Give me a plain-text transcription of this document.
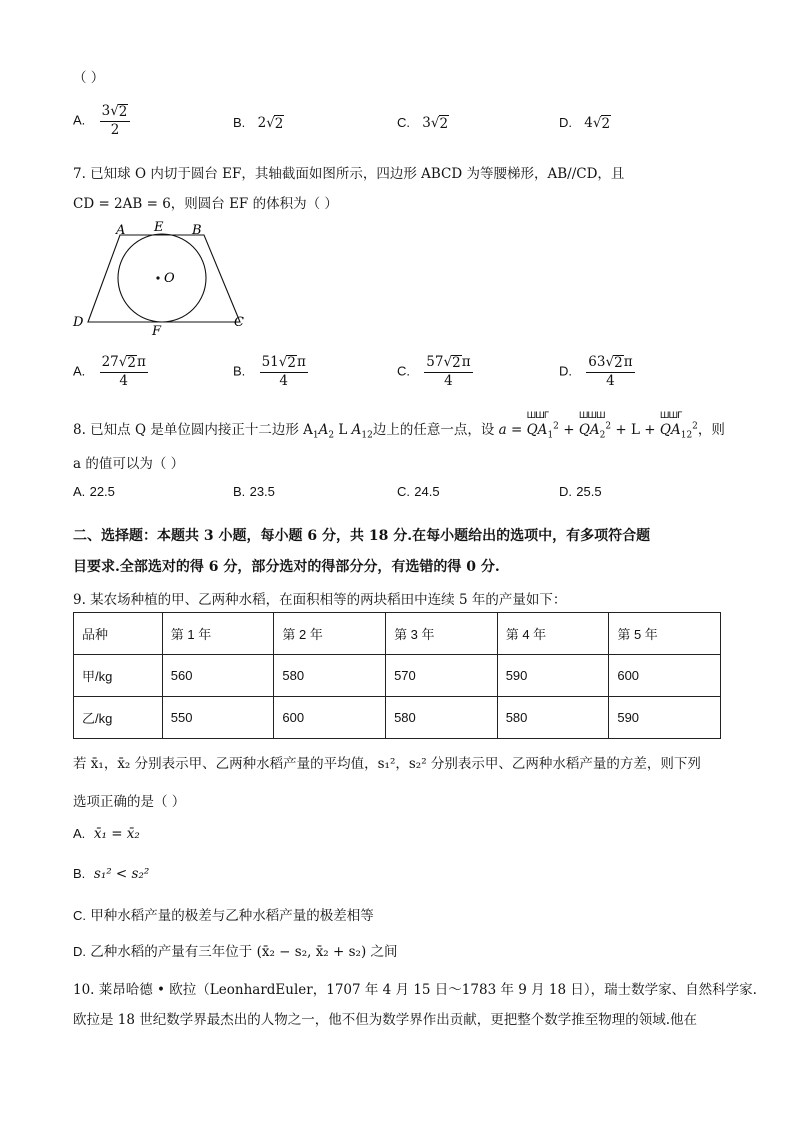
（ ）
A. $\frac{3√ 2}{2}$	B. 2√ 2	C. 3√ 2	D. 4√ 2
7. 已知球 O 内切于圆台 EF，其轴截面如图所示，四边形 ABCD 为等腰梯形，AB//CD，且
CD = 2AB = 6，则圆台 EF 的体积为（ ）
A E B
O
D
F
C
A. $\frac{27√ 2 \pi}{4}$	B. $\frac{51√ 2 \pi}{4}$	C. $\frac{57√ 2 \pi}{4}$	D. $\frac{63√ 2 \pi}{4}$
8. 已知点 Q 是单位圆内接正十二边形 $A_1A_2$ L $A_{12}$边上的任意一点，设 a =
ШШГ
$QA_1^2$ +
ШШШ
$QA_2^2 + L$ +
ШШГ
$QA_{12}^2$，则
a 的值可以为（ ）
A. 22.5	B. 23.5	C. 24.5	D. 25.5
二、选择题：本题共 3 小题，每小题 6 分，共 18 分.在每小题给出的选项中，有多项符合题
目要求.全部选对的得 6 分，部分选对的得部分分，有选错的得 0 分.
9. 某农场种植的甲、乙两种水稻，在面积相等的两块稻田中连续 5 年的产量如下：
品种	第 1 年	第 2 年	第 3 年	第 4 年	第 5 年
甲/kg	560	580	570	590	600
乙/kg	550	600	580	580	590
若 x̄₁，x̄₂ 分别表示甲、乙两种水稻产量的平均值，s₁²，s₂² 分别表示甲、乙两种水稻产量的方差，则下列
选项正确的是（ ）
A. x̄₁ = x̄₂
B. s₁² < s₂²
C. 甲种水稻产量的极差与乙种水稻产量的极差相等
D. 乙种水稻的产量有三年位于 (x̄₂ − s₂, x̄₂ + s₂) 之间
10. 莱昂哈德 • 欧拉（LeonhardEuler，1707 年 4 月 15 日～1783 年 9 月 18 日），瑞士数学家、自然科学家.
欧拉是 18 世纪数学界最杰出的人物之一，他不但为数学界作出贡献，更把整个数学推至物理的领域.他在
